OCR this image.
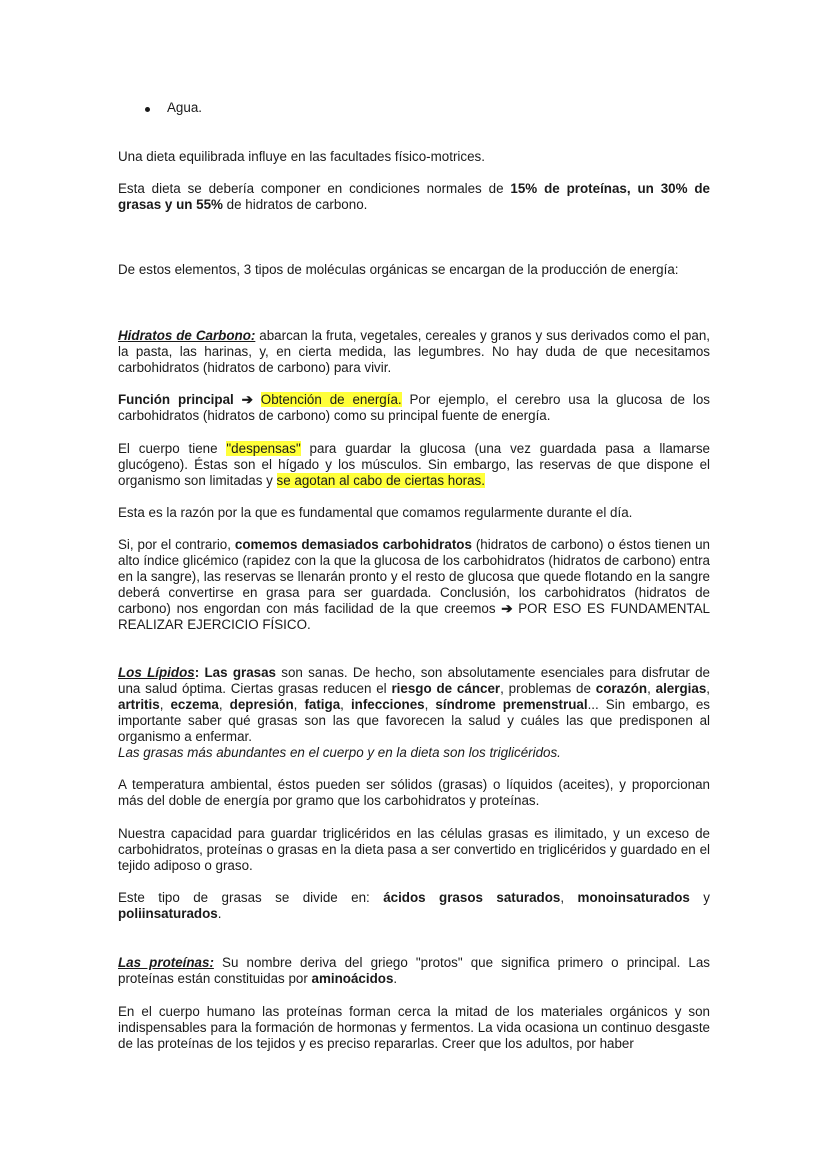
Agua.

Una dieta equilibrada influye en las facultades físico-motrices.

Esta dieta se debería componer en condiciones normales de 15% de proteínas, un 30% de grasas y un 55% de hidratos de carbono.

De estos elementos, 3 tipos de moléculas orgánicas se encargan de la producción de energía:

Hidratos de Carbono: abarcan la fruta, vegetales, cereales y granos y sus derivados como el pan, la pasta, las harinas, y, en cierta medida, las legumbres. No hay duda de que necesitamos carbohidratos (hidratos de carbono) para vivir.

Función principal ➔ Obtención de energía. Por ejemplo, el cerebro usa la glucosa de los carbohidratos (hidratos de carbono) como su principal fuente de energía.

El cuerpo tiene "despensas" para guardar la glucosa (una vez guardada pasa a llamarse glucógeno). Éstas son el hígado y los músculos. Sin embargo, las reservas de que dispone el organismo son limitadas y se agotan al cabo de ciertas horas.

Esta es la razón por la que es fundamental que comamos regularmente durante el día.

Si, por el contrario, comemos demasiados carbohidratos (hidratos de carbono) o éstos tienen un alto índice glicémico (rapidez con la que la glucosa de los carbohidratos (hidratos de carbono) entra en la sangre), las reservas se llenarán pronto y el resto de glucosa que quede flotando en la sangre deberá convertirse en grasa para ser guardada. Conclusión, los carbohidratos (hidratos de carbono) nos engordan con más facilidad de la que creemos ➔ POR ESO ES FUNDAMENTAL REALIZAR EJERCICIO FÍSICO.

Los Lípidos: Las grasas son sanas. De hecho, son absolutamente esenciales para disfrutar de una salud óptima. Ciertas grasas reducen el riesgo de cáncer, problemas de corazón, alergias, artritis, eczema, depresión, fatiga, infecciones, síndrome premenstrual... Sin embargo, es importante saber qué grasas son las que favorecen la salud y cuáles las que predisponen al organismo a enfermar.
Las grasas más abundantes en el cuerpo y en la dieta son los triglicéridos.

A temperatura ambiental, éstos pueden ser sólidos (grasas) o líquidos (aceites), y proporcionan más del doble de energía por gramo que los carbohidratos y proteínas.

Nuestra capacidad para guardar triglicéridos en las células grasas es ilimitado, y un exceso de carbohidratos, proteínas o grasas en la dieta pasa a ser convertido en triglicéridos y guardado en el tejido adiposo o graso.

Este tipo de grasas se divide en: ácidos grasos saturados, monoinsaturados y poliinsaturados.

Las proteínas: Su nombre deriva del griego "protos" que significa primero o principal. Las proteínas están constituidas por aminoácidos.

En el cuerpo humano las proteínas forman cerca la mitad de los materiales orgánicos y son indispensables para la formación de hormonas y fermentos. La vida ocasiona un continuo desgaste de las proteínas de los tejidos y es preciso repararlas. Creer que los adultos, por haber
